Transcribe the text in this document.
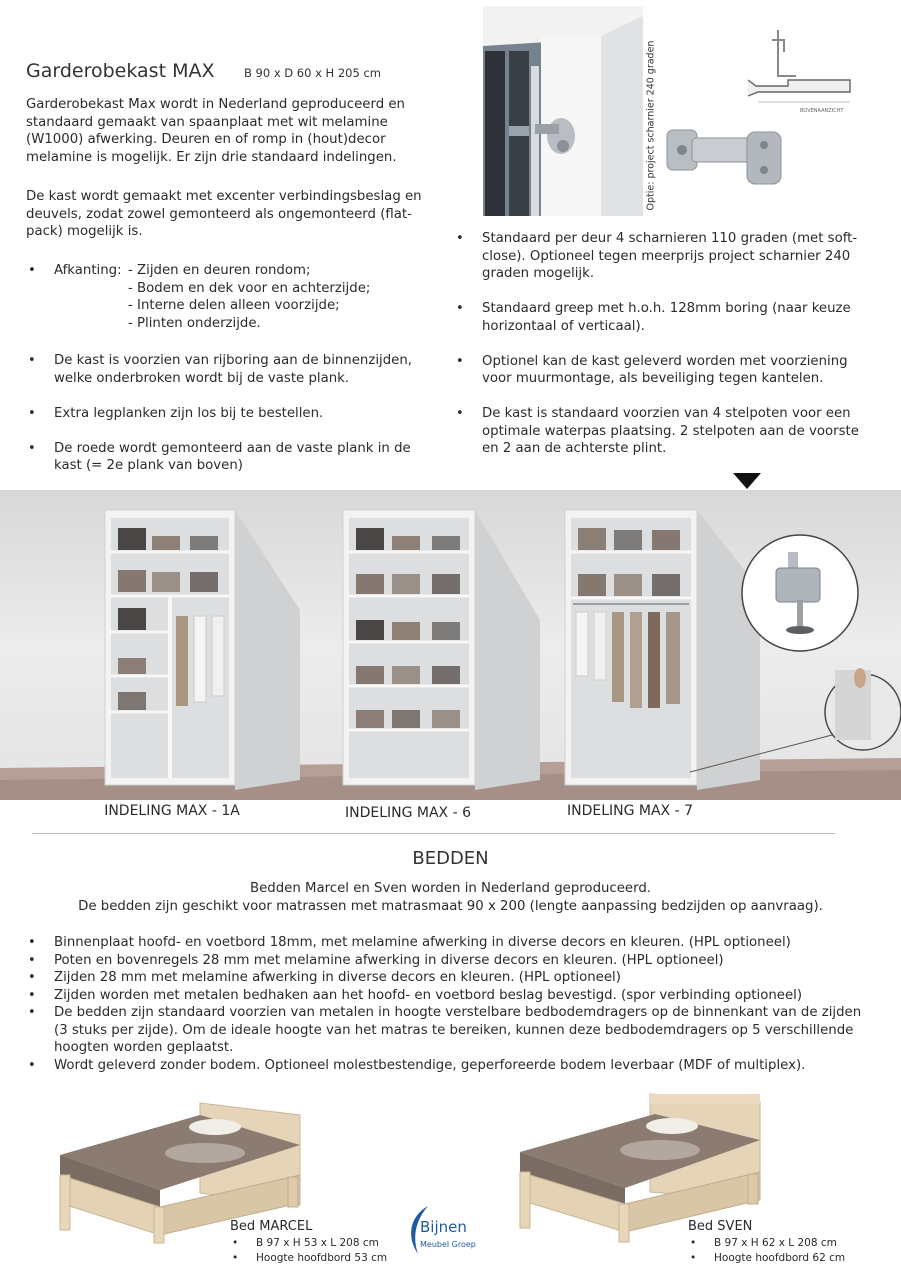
Garderobekast MAX	B 90 x D 60 x H 205 cm
Garderobekast Max wordt in Nederland geproduceerd en standaard gemaakt van spaanplaat met wit melamine (W1000) afwerking. Deuren en of romp in (hout)decor melamine is mogelijk. Er zijn drie standaard indelingen.
De kast wordt gemaakt met excenter verbindingsbeslag en deuvels, zodat zowel gemonteerd als ongemonteerd (flat-pack) mogelijk is.
• Afkanting: - Zijden en deuren rondom;
- Bodem en dek voor en achterzijde;
- Interne delen alleen voorzijde;
- Plinten onderzijde.
• De kast is voorzien van rijboring aan de binnenzijden, welke onderbroken wordt bij de vaste plank.
• Extra legplanken zijn los bij te bestellen.
• De roede wordt gemonteerd aan de vaste plank in de kast (= 2e plank van boven)
Optie: project scharnier 240 graden	BOVENAANZICHT
• Standaard per deur 4 scharnieren 110 graden (met soft-close). Optioneel tegen meerprijs project scharnier 240 graden mogelijk.
• Standaard greep met h.o.h. 128mm boring (naar keuze horizontaal of verticaal).
• Optionel kan de kast geleverd worden met voorziening voor muurmontage, als beveiliging tegen kantelen.
• De kast is standaard voorzien van 4 stelpoten voor een optimale waterpas plaatsing. 2 stelpoten aan de voorste en 2 aan de achterste plint.
INDELING MAX - 1A	INDELING MAX - 6	INDELING MAX - 7
BEDDEN
Bedden Marcel en Sven worden in Nederland geproduceerd.
De bedden zijn geschikt voor matrassen met matrasmaat 90 x 200 (lengte aanpassing bedzijden op aanvraag).
• Binnenplaat hoofd- en voetbord 18mm, met melamine afwerking in diverse decors en kleuren. (HPL optioneel)
• Poten en bovenregels 28 mm met melamine afwerking in diverse decors en kleuren. (HPL optioneel)
• Zijden 28 mm met melamine afwerking in diverse decors en kleuren. (HPL optioneel)
• Zijden worden met metalen bedhaken aan het hoofd- en voetbord beslag bevestigd. (spor verbinding optioneel)
• De bedden zijn standaard voorzien van metalen in hoogte verstelbare bedbodemdragers op de binnenkant van de zijden (3 stuks per zijde). Om de ideale hoogte van het matras te bereiken, kunnen deze bedbodemdragers op 5 verschillende hoogten worden geplaatst.
• Wordt geleverd zonder bodem. Optioneel molestbestendige, geperforeerde bodem leverbaar (MDF of multiplex).
Bed MARCEL
• B 97 x H 53 x L 208 cm
• Hoogte hoofdbord 53 cm
Bed SVEN
• B 97 x H 62 x L 208 cm
• Hoogte hoofdbord 62 cm
Bijnen
Meubel Groep
